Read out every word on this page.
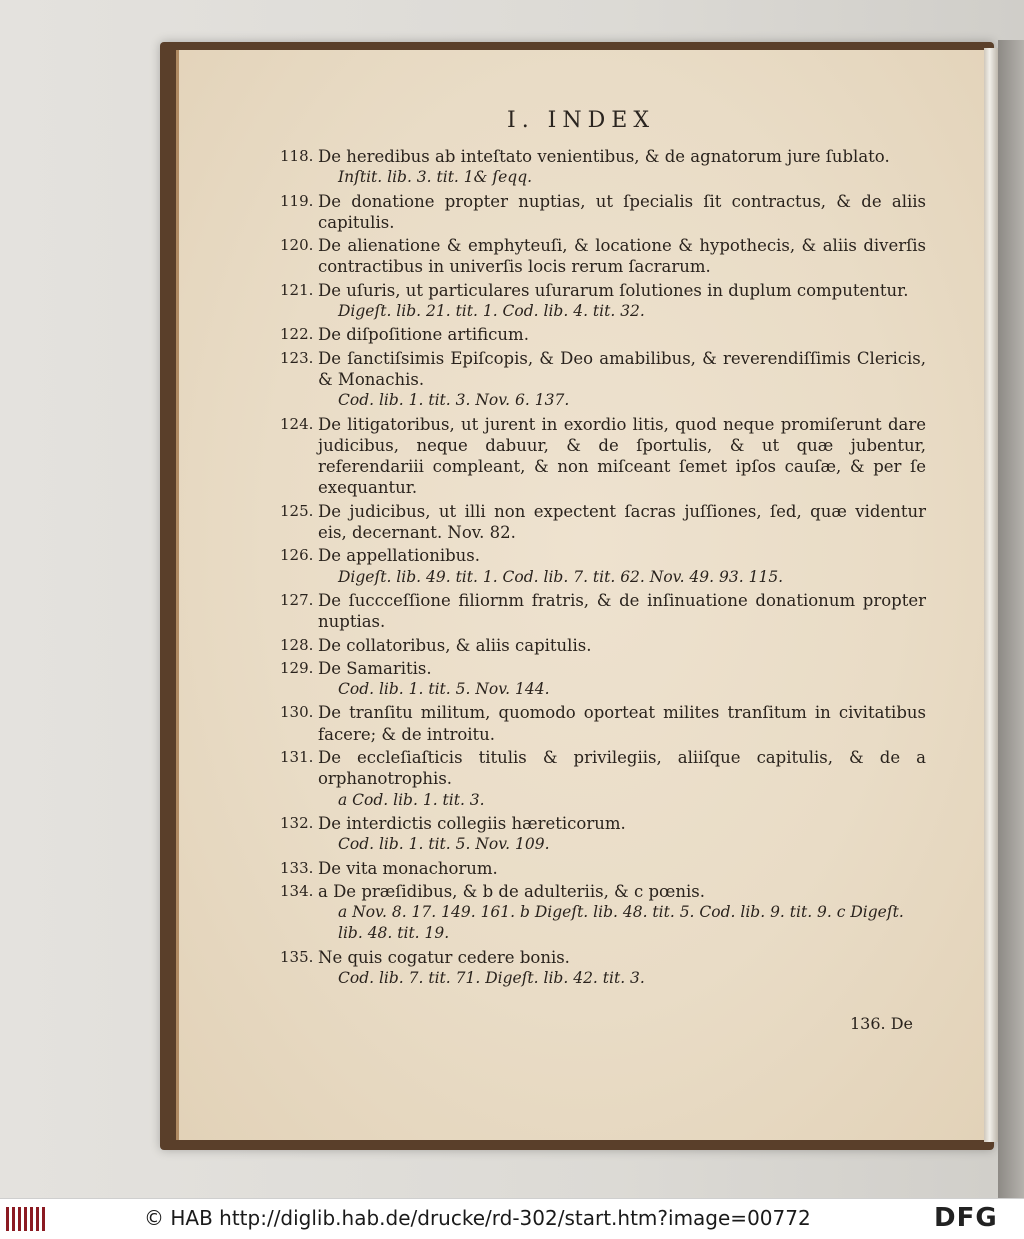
I. INDEX
118. De heredibus ab inteſtato venientibus, & de agnatorum jure ſublato.
Inſtit. lib. 3. tit. 1& ſeqq.
119. De donatione propter nuptias, ut ſpecialis ſit contractus, & de aliis capitulis.
120. De alienatione & emphyteuſi, & locatione & hypothecis, & aliis diverſis contractibus in univerſis locis rerum ſacrarum.
121. De uſuris, ut particulares uſurarum ſolutiones in duplum computentur.
Digeſt. lib. 21. tit. 1. Cod. lib. 4. tit. 32.
122. De diſpoſitione artificum.
123. De ſanctiſsimis Epiſcopis, & Deo amabilibus, & reverendiſſimis Clericis, & Monachis.
Cod. lib. 1. tit. 3. Nov. 6. 137.
124. De litigatoribus, ut jurent in exordio litis, quod neque promiſerunt dare judicibus, neque dabuur, & de ſportulis, & ut quæ jubentur, referendariii compleant, & non miſceant ſemet ipſos cauſæ, & per ſe exequantur.
125. De judicibus, ut illi non expectent ſacras juſſiones, ſed, quæ videntur eis, decernant. Nov. 82.
126. De appellationibus.
Digeſt. lib. 49. tit. 1. Cod. lib. 7. tit. 62. Nov. 49. 93. 115.
127. De ſuccceſſione filiornm fratris, & de inſinuatione donationum propter nuptias.
128. De collatoribus, & aliis capitulis.
129. De Samaritis.
Cod. lib. 1. tit. 5. Nov. 144.
130. De tranſitu militum, quomodo oporteat milites tranſitum in civitatibus facere; & de introitu.
131. De eccleſiaſticis titulis & privilegiis, aliiſque capitulis, & de a orphanotrophis.
a Cod. lib. 1. tit. 3.
132. De interdictis collegiis hæreticorum.
Cod. lib. 1. tit. 5. Nov. 109.
133. De vita monachorum.
134. a De præſidibus, & b de adulteriis, & c pœnis.
a Nov. 8. 17. 149. 161. b Digeſt. lib. 48. tit. 5. Cod. lib. 9. tit. 9. c Digeſt. lib. 48. tit. 19.
135. Ne quis cogatur cedere bonis.
Cod. lib. 7. tit. 71. Digeſt. lib. 42. tit. 3.
136. De
© HAB http://diglib.hab.de/drucke/rd-302/start.htm?image=00772	DFG
